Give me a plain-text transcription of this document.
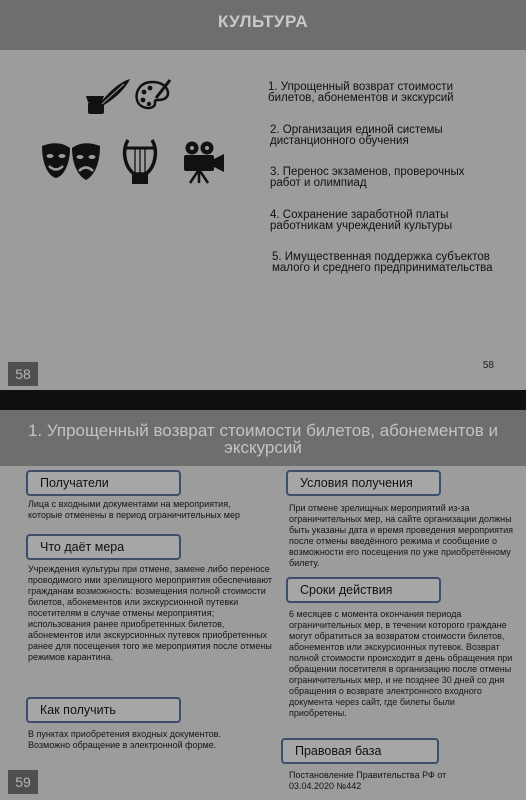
КУЛЬТУРА
1. Упрощенный возврат стоимости билетов, абонементов и экскурсий
2. Организация единой системы дистанционного обучения
3. Перенос экзаменов, проверочных работ и олимпиад
4. Сохранение заработной платы работникам учреждений культуры
5. Имущественная поддержка субъектов малого и среднего предпринимательства
58
58
1. Упрощенный возврат стоимости билетов, абонементов и экскурсий
Получатели
Лица с входными документами на мероприятия, которые отменены в период ограничительных мер
Что даёт мера
Учреждения культуры при отмене, замене либо переносе проводимого ими зрелищного мероприятия обеспечивают гражданам возможность: возмещения полной стоимости билетов, абонементов или экскурсионной путевки посетителям в случае отмены мероприятия; использования ранее приобретенных билетов, абонементов или экскурсионных путевок приобретенных ранее для посещения того же мероприятия после отмены режимов карантина.
Как получить
В пунктах приобретения входных документов. Возможно обращение в электронной форме.
Условия получения
При отмене зрелищных мероприятий из-за ограничительных мер, на сайте организации должны быть указаны дата и время проведения мероприятия после отмены введённого режима и сообщение о возможности его посещения по уже приобретённому билету.
Сроки действия
6 месяцев с момента окончания периода ограничительных мер, в течении которого граждане могут обратиться за возвратом стоимости билетов, абонементов или экскурсионных путевок. Возврат полной стоимости происходит в день обращения при обращении посетителя в организацию после отмены ограничительных мер, и не позднее 30 дней со дня обращения о возврате электронного входного документа через сайт, где билеты были приобретены.
Правовая база
Постановление Правительства РФ от 03.04.2020 №442
59
